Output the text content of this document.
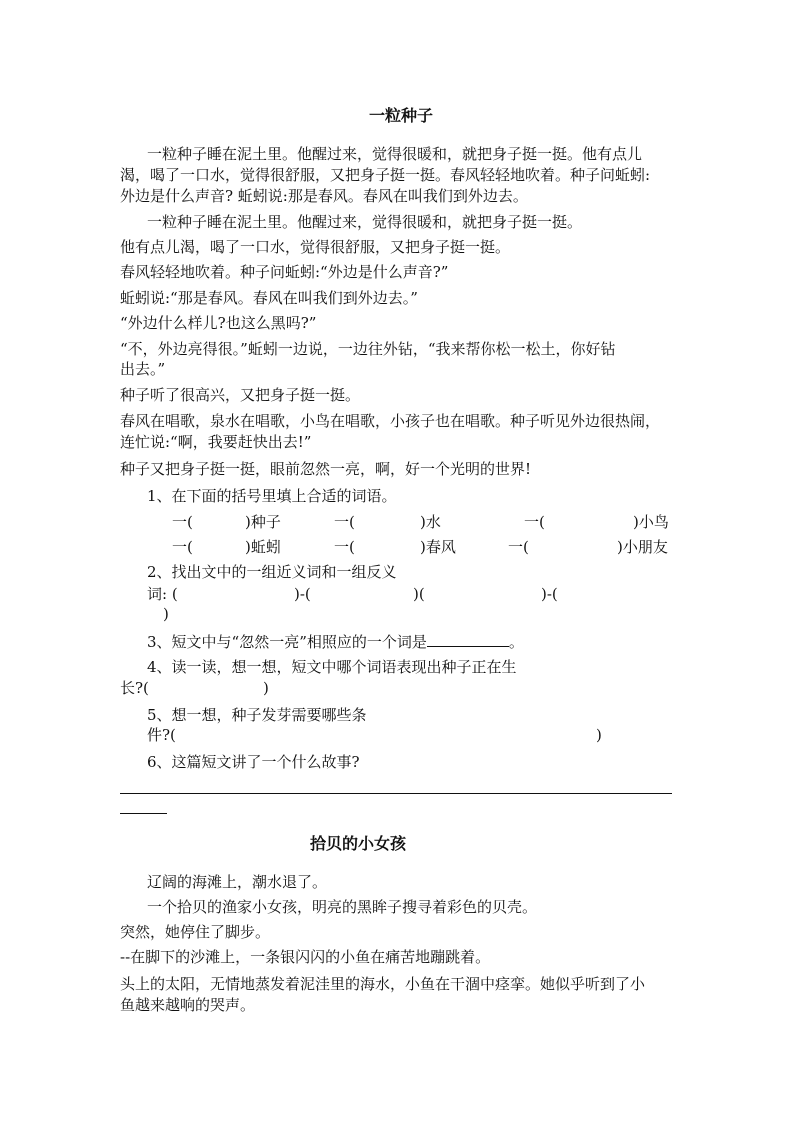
一粒种子
一粒种子睡在泥土里。他醒过来，觉得很暖和，就把身子挺一挺。他有点儿
渴，喝了一口水，觉得很舒服，又把身子挺一挺。春风轻轻地吹着。种子问蚯蚓:
外边是什么声音? 蚯蚓说:那是春风。春风在叫我们到外边去。
一粒种子睡在泥土里。他醒过来，觉得很暖和，就把身子挺一挺。
他有点儿渴，喝了一口水，觉得很舒服，又把身子挺一挺。
春风轻轻地吹着。种子问蚯蚓:“外边是什么声音?”
蚯蚓说:“那是春风。春风在叫我们到外边去。”
“外边什么样儿?也这么黑吗?”
“不，外边亮得很。”蚯蚓一边说，一边往外钻，“我来帮你松一松土，你好钻
出去。”
种子听了很高兴，又把身子挺一挺。
春风在唱歌，泉水在唱歌，小鸟在唱歌，小孩子也在唱歌。种子听见外边很热闹，
连忙说:“啊，我要赶快出去!”
种子又把身子挺一挺，眼前忽然一亮，啊，好一个光明的世界!
1、在下面的括号里填上合适的词语。
一(	)种子	一(	)水	一(	)小鸟
一(	)蚯蚓	一(	)春风	一(	)小朋友
2、找出文中的一组近义词和一组反义
词: (	)-(	)(	)-(
)
3、短文中与“忽然一亮”相照应的一个词是	。
4、读一读，想一想，短文中哪个词语表现出种子正在生
长?(	)
5、想一想，种子发芽需要哪些条
件?(	)
6、这篇短文讲了一个什么故事?
拾贝的小女孩
辽阔的海滩上，潮水退了。
一个拾贝的渔家小女孩，明亮的黑眸子搜寻着彩色的贝壳。
突然，她停住了脚步。
--在脚下的沙滩上，一条银闪闪的小鱼在痛苦地蹦跳着。
头上的太阳，无情地蒸发着泥洼里的海水，小鱼在干涸中痉挛。她似乎听到了小
鱼越来越响的哭声。
